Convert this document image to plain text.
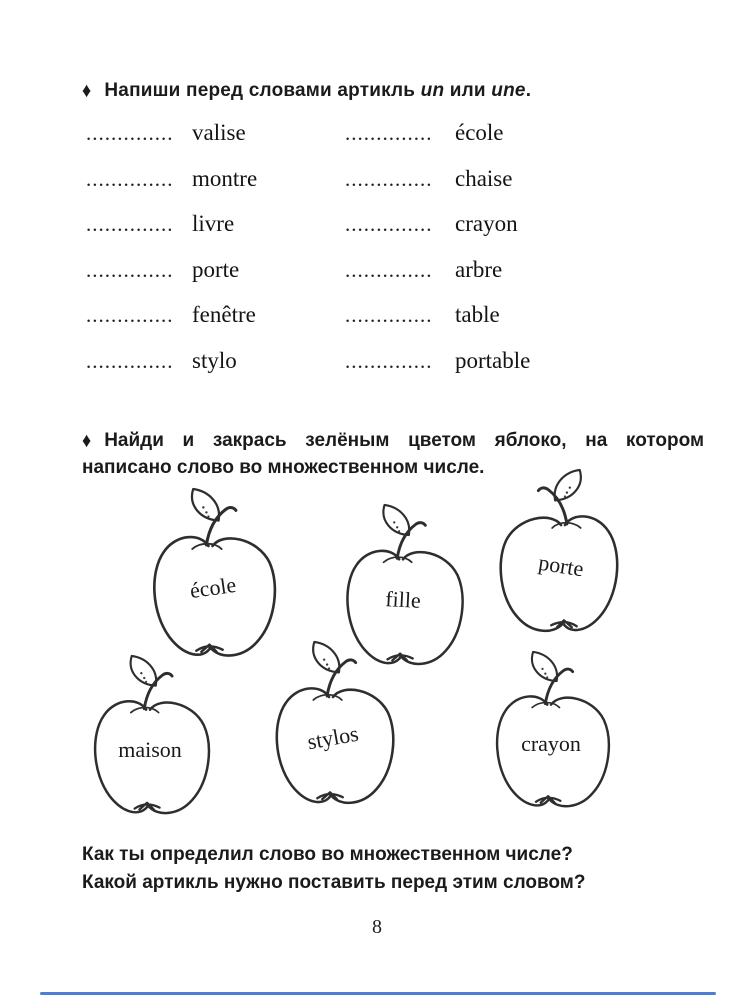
♦ Напиши перед словами артикль un или une.
.............. valise	.............. école
.............. montre	.............. chaise
.............. livre	.............. crayon
.............. porte	.............. arbre
.............. fenêtre	.............. table
.............. stylo	.............. portable
♦ Найди и закрась зелёным цветом яблоко, на котором
написано слово во множественном числе.
école	fille
porte
maison	stylos	crayon
Как ты определил слово во множественном числе?
Какой артикль нужно поставить перед этим словом?
8
